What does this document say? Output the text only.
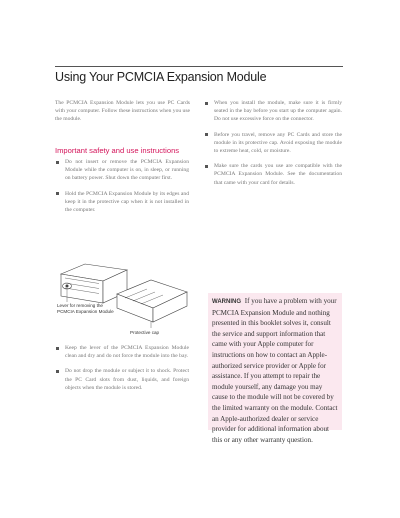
Using Your PCMCIA Expansion Module
The PCMCIA Expansion Module lets you use PC Cards with your computer. Follow these instructions when you use the module.
Important safety and use instructions
Do not insert or remove the PCMCIA Expansion Module while the computer is on, in sleep, or running on battery power. Shut down the computer first.
Hold the PCMCIA Expansion Module by its edges and keep it in the protective cap when it is not installed in the computer.
Lever for removing the
PCMCIA Expansion Module
Protective cap
Keep the lever of the PCMCIA Expansion Module clean and dry and do not force the module into the bay.
Do not drop the module or subject it to shock. Protect the PC Card slots from dust, liquids, and foreign objects when the module is stored.
When you install the module, make sure it is firmly seated in the bay before you start up the computer again. Do not use excessive force on the connector.
Before you travel, remove any PC Cards and store the module in its protective cap. Avoid exposing the module to extreme heat, cold, or moisture.
Make sure the cards you use are compatible with the PCMCIA Expansion Module. See the documentation that came with your card for details.
WARNING If you have a problem with your PCMCIA Expansion Module and nothing presented in this booklet solves it, consult the service and support information that came with your Apple computer for instructions on how to contact an Apple-authorized service provider or Apple for assistance. If you attempt to repair the module yourself, any damage you may cause to the module will not be covered by the limited warranty on the module. Contact an Apple-authorized dealer or service provider for additional information about this or any other warranty question.
